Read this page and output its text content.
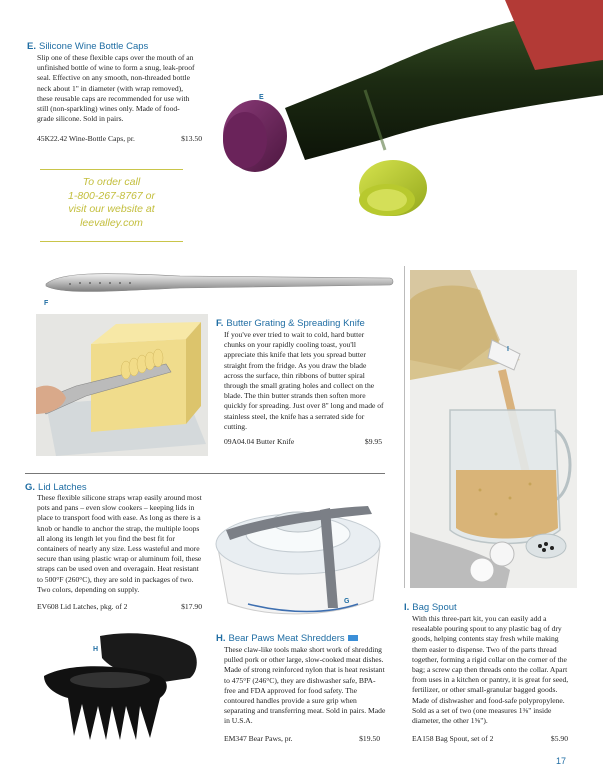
E. Silicone Wine Bottle Caps
Slip one of these flexible caps over the mouth of an unfinished bottle of wine to form a snug, leak-proof seal. Effective on any smooth, non-threaded bottle neck about 1" in diameter (with wrap removed), these reusable caps are recommended for use with still (non-sparkling) wines only. Made of food-grade silicone. Sold in pairs.
45K22.42 Wine-Bottle Caps, pr.	$13.50
E
To order call
1-800-267-8767 or
visit our website at
leevalley.com
F
F. Butter Grating & Spreading Knife
If you've ever tried to wait to cold, hard butter chunks on your rapidly cooling toast, you'll appreciate this knife that lets you spread butter straight from the fridge. As you draw the blade across the surface, thin ribbons of butter spiral through the small grating holes and collect on the blade. The thin butter strands then soften more quickly for spreading. Just over 8" long and made of stainless steel, the knife has a serrated side for cutting.
09A04.04 Butter Knife	$9.95
G. Lid Latches
These flexible silicone straps wrap easily around most pots and pans – even slow cookers – keeping lids in place to transport food with ease. As long as there is a knob or handle to anchor the strap, the multiple loops all along its length let you find the best fit for containers of nearly any size. Less wasteful and more secure than using plastic wrap or aluminum foil, these straps can be used oven and overagain. Heat resistant to 500°F (260°C), they are sold in packages of two. Two colors, depending on supply.
EV608 Lid Latches, pkg. of 2	$17.90
G
H
H. Bear Paws Meat Shredders
These claw-like tools make short work of shredding pulled pork or other large, slow-cooked meat dishes. Made of strong reinforced nylon that is heat resistant to 475°F (246°C), they are dishwasher safe, BPA-free and FDA approved for food safety. The contoured handles provide a sure grip when separating and transferring meat. Sold in pairs. Made in U.S.A.
EM347 Bear Paws, pr.	$19.50
I
I. Bag Spout
With this three-part kit, you can easily add a resealable pouring spout to any plastic bag of dry goods, helping contents stay fresh while making them easier to dispense. Two of the parts thread together, forming a rigid collar on the corner of the bag; a screw cap then threads onto the collar. Apart from uses in a kitchen or pantry, it is great for seed, fertilizer, or other small-granular bagged goods. Made of dishwasher and food-safe polypropylene. Sold as a set of two (one measures 1⅜" inside diameter, the other 1⅝").
EA158 Bag Spout, set of 2	$5.90
17
